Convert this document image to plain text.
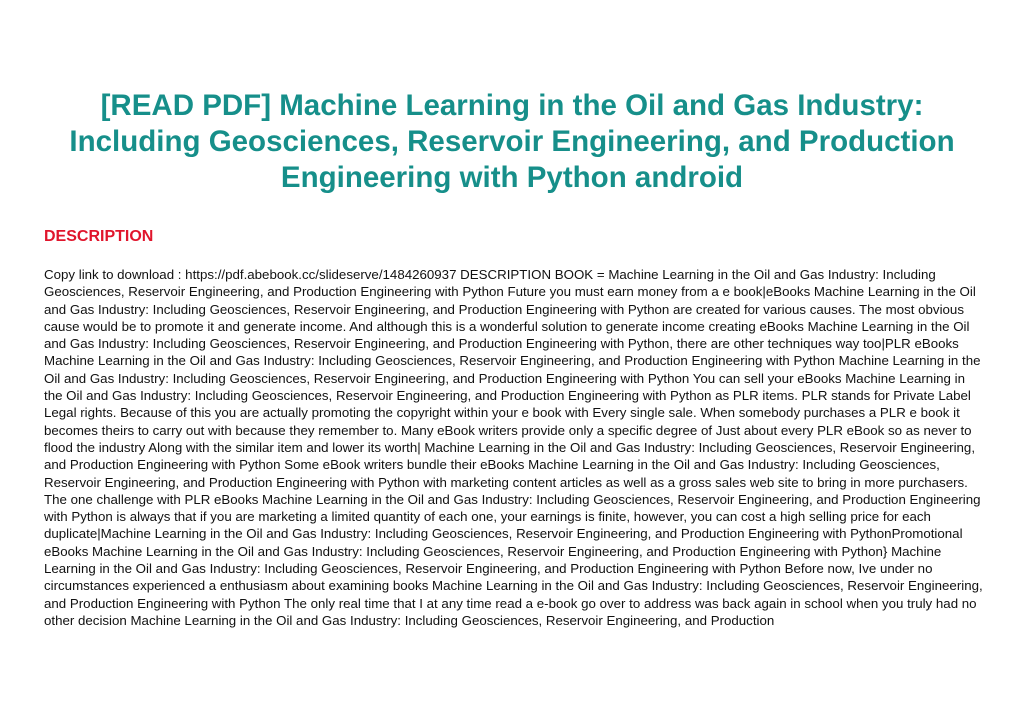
[READ PDF] Machine Learning in the Oil and Gas Industry: Including Geosciences, Reservoir Engineering, and Production Engineering with Python android
DESCRIPTION

Copy link to download : https://pdf.abebook.cc/slideserve/1484260937 DESCRIPTION BOOK = Machine Learning in the Oil and Gas Industry: Including Geosciences, Reservoir Engineering, and Production Engineering with Python Future you must earn money from a e book|eBooks Machine Learning in the Oil and Gas Industry: Including Geosciences, Reservoir Engineering, and Production Engineering with Python are created for various causes. The most obvious cause would be to promote it and generate income. And although this is a wonderful solution to generate income creating eBooks Machine Learning in the Oil and Gas Industry: Including Geosciences, Reservoir Engineering, and Production Engineering with Python, there are other techniques way too|PLR eBooks Machine Learning in the Oil and Gas Industry: Including Geosciences, Reservoir Engineering, and Production Engineering with Python Machine Learning in the Oil and Gas Industry: Including Geosciences, Reservoir Engineering, and Production Engineering with Python You can sell your eBooks Machine Learning in the Oil and Gas Industry: Including Geosciences, Reservoir Engineering, and Production Engineering with Python as PLR items. PLR stands for Private Label Legal rights. Because of this you are actually promoting the copyright within your e book with Every single sale. When somebody purchases a PLR e book it becomes theirs to carry out with because they remember to. Many eBook writers provide only a specific degree of Just about every PLR eBook so as never to flood the industry Along with the similar item and lower its worth| Machine Learning in the Oil and Gas Industry: Including Geosciences, Reservoir Engineering, and Production Engineering with Python Some eBook writers bundle their eBooks Machine Learning in the Oil and Gas Industry: Including Geosciences, Reservoir Engineering, and Production Engineering with Python with marketing content articles as well as a gross sales web site to bring in more purchasers. The one challenge with PLR eBooks Machine Learning in the Oil and Gas Industry: Including Geosciences, Reservoir Engineering, and Production Engineering with Python is always that if you are marketing a limited quantity of each one, your earnings is finite, however, you can cost a high selling price for each duplicate|Machine Learning in the Oil and Gas Industry: Including Geosciences, Reservoir Engineering, and Production Engineering with PythonPromotional eBooks Machine Learning in the Oil and Gas Industry: Including Geosciences, Reservoir Engineering, and Production Engineering with Python} Machine Learning in the Oil and Gas Industry: Including Geosciences, Reservoir Engineering, and Production Engineering with Python Before now, Ive under no circumstances experienced a enthusiasm about examining books Machine Learning in the Oil and Gas Industry: Including Geosciences, Reservoir Engineering, and Production Engineering with Python The only real time that I at any time read a e-book go over to address was back again in school when you truly had no other decision Machine Learning in the Oil and Gas Industry: Including Geosciences, Reservoir Engineering, and Production
